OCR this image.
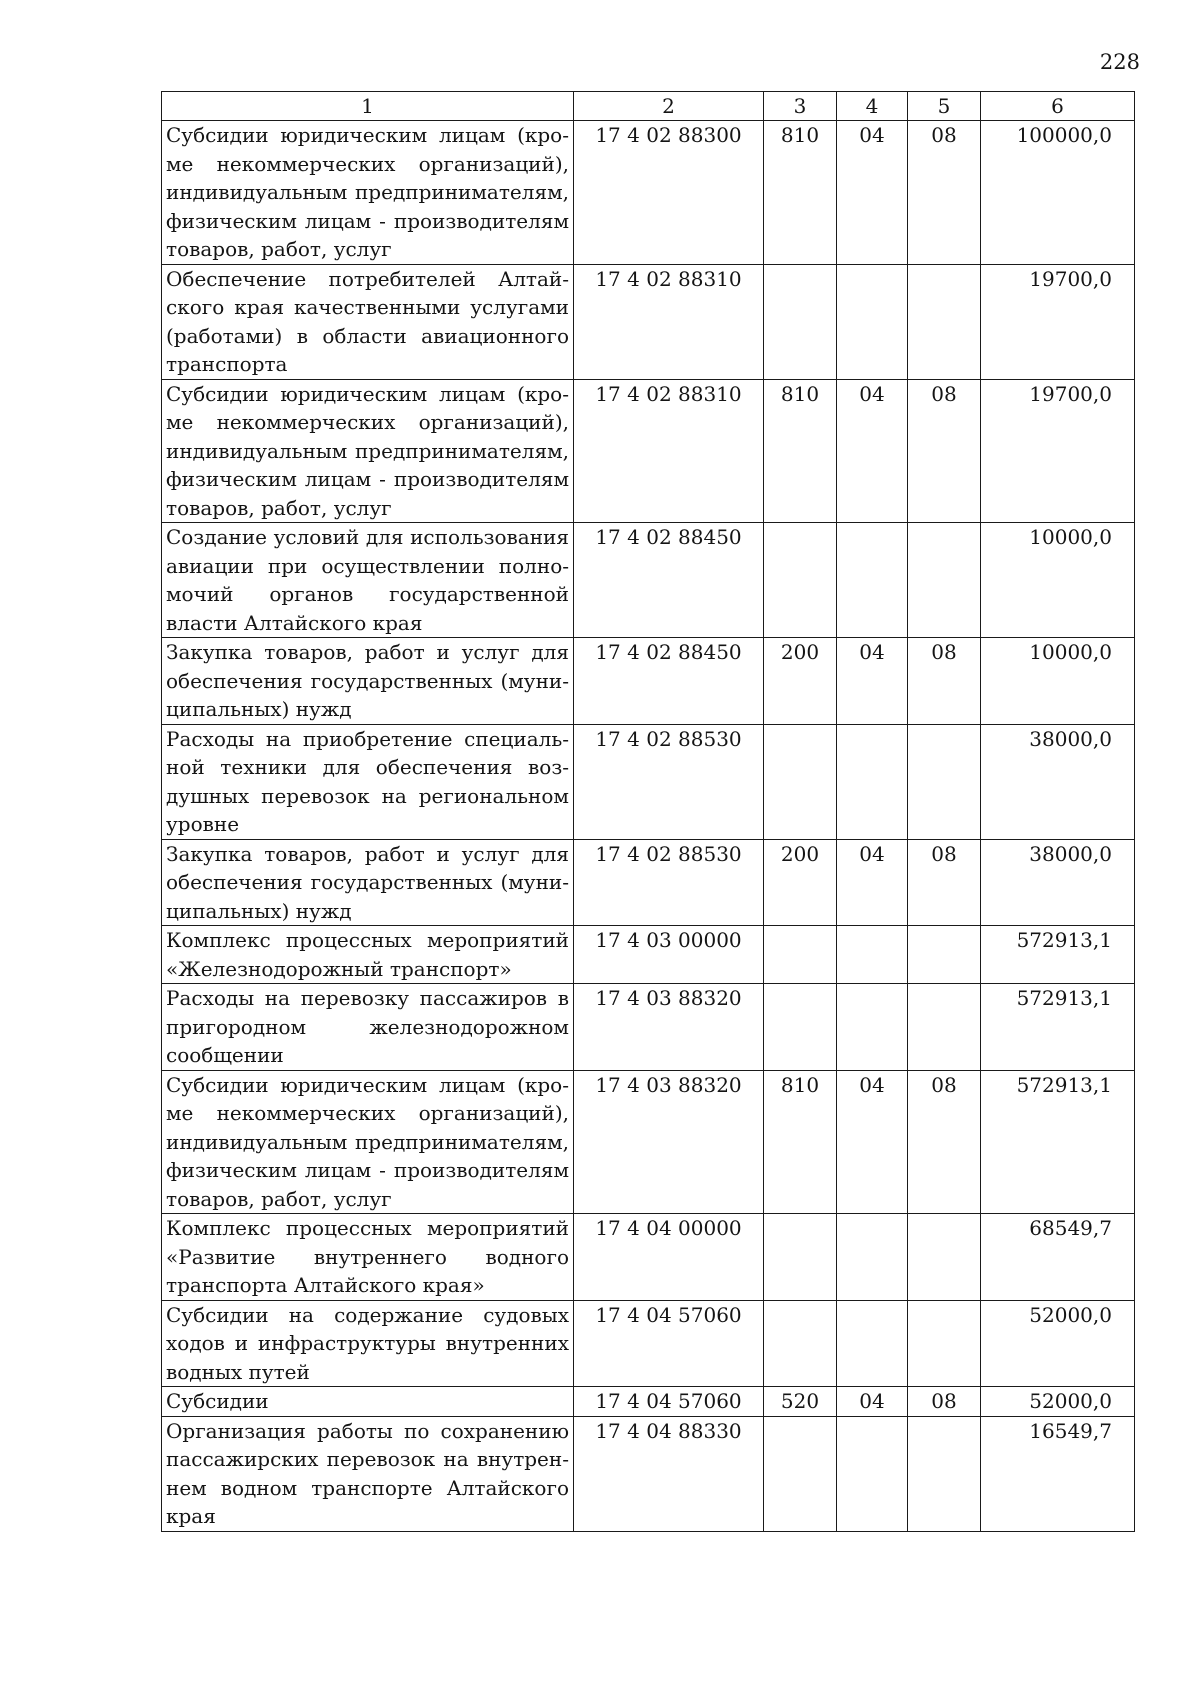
228
1	2	3	4	5	6
Субсидии юридическим лицам (кроме некоммерческих организаций), индивидуальным предпринимателям, физическим лицам - производителям товаров, работ, услуг	17 4 02 88300	810	04	08	100000,0
Обеспечение потребителей Алтайского края качественными услугами (работами) в области авиационного транспорта	17 4 02 88310				19700,0
Субсидии юридическим лицам (кроме некоммерческих организаций), индивидуальным предпринимателям, физическим лицам - производителям товаров, работ, услуг	17 4 02 88310	810	04	08	19700,0
Создание условий для использования авиации при осуществлении полномочий органов государственной власти Алтайского края	17 4 02 88450				10000,0
Закупка товаров, работ и услуг для обеспечения государственных (муниципальных) нужд	17 4 02 88450	200	04	08	10000,0
Расходы на приобретение специальной техники для обеспечения воздушных перевозок на региональном уровне	17 4 02 88530				38000,0
Закупка товаров, работ и услуг для обеспечения государственных (муниципальных) нужд	17 4 02 88530	200	04	08	38000,0
Комплекс процессных мероприятий «Железнодорожный транспорт»	17 4 03 00000				572913,1
Расходы на перевозку пассажиров в пригородном железнодорожном сообщении	17 4 03 88320				572913,1
Субсидии юридическим лицам (кроме некоммерческих организаций), индивидуальным предпринимателям, физическим лицам - производителям товаров, работ, услуг	17 4 03 88320	810	04	08	572913,1
Комплекс процессных мероприятий «Развитие внутреннего водного транспорта Алтайского края»	17 4 04 00000				68549,7
Субсидии на содержание судовых ходов и инфраструктуры внутренних водных путей	17 4 04 57060				52000,0
Субсидии	17 4 04 57060	520	04	08	52000,0
Организация работы по сохранению пассажирских перевозок на внутреннем водном транспорте Алтайского края	17 4 04 88330				16549,7
